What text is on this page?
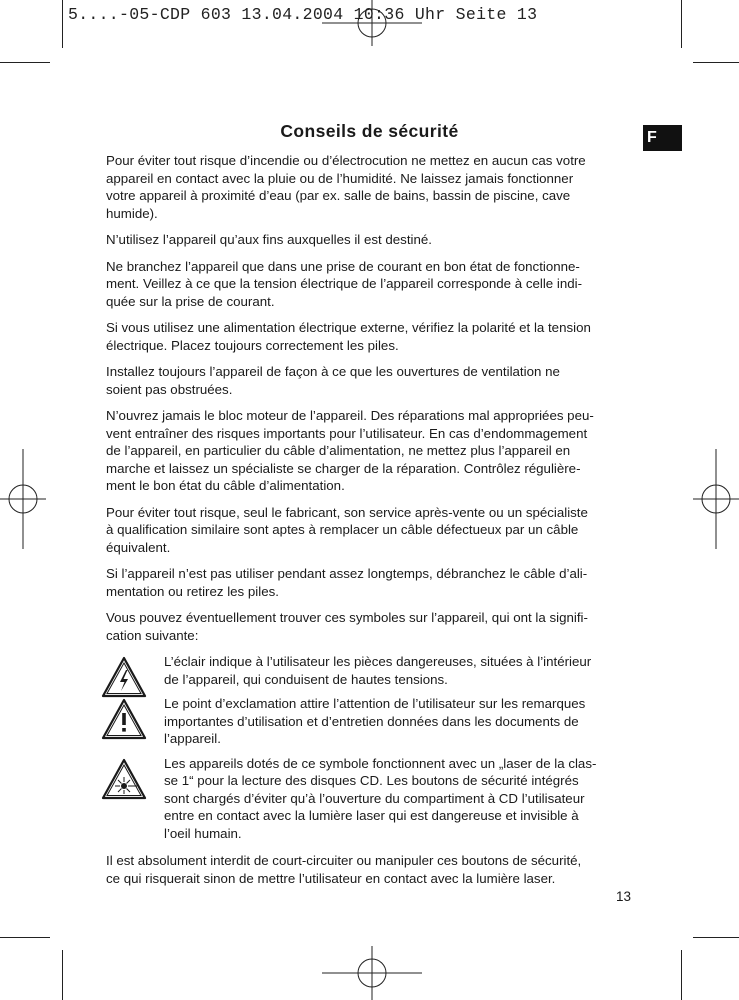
5....-05-CDP 603 13.04.2004 10:36 Uhr Seite 13
F
Conseils de sécurité

Pour éviter tout risque d’incendie ou d’électrocution ne mettez en aucun cas votre
appareil en contact avec la pluie ou de l’humidité. Ne laissez jamais fonctionner
votre appareil à proximité d’eau (par ex. salle de bains, bassin de piscine, cave
humide).

N’utilisez l’appareil qu’aux fins auxquelles il est destiné.

Ne branchez l’appareil que dans une prise de courant en bon état de fonctionne-
ment. Veillez à ce que la tension électrique de l’appareil corresponde à celle indi-
quée sur la prise de courant.

Si vous utilisez une alimentation électrique externe, vérifiez la polarité et la tension
électrique. Placez toujours correctement les piles.

Installez toujours l’appareil de façon à ce que les ouvertures de ventilation ne
soient pas obstruées.

N’ouvrez jamais le bloc moteur de l’appareil. Des réparations mal appropriées peu-
vent entraîner des risques importants pour l’utilisateur. En cas d’endommagement
de l’appareil, en particulier du câble d’alimentation, ne mettez plus l’appareil en
marche et laissez un spécialiste se charger de la réparation. Contrôlez régulière-
ment le bon état du câble d’alimentation.

Pour éviter tout risque, seul le fabricant, son service après-vente ou un spécialiste
à qualification similaire sont aptes à remplacer un câble défectueux par un câble
équivalent.

Si l’appareil n’est pas utiliser pendant assez longtemps, débranchez le câble d’ali-
mentation ou retirez les piles.

Vous pouvez éventuellement trouver ces symboles sur l’appareil, qui ont la signifi-
cation suivante:

L’éclair indique à l’utilisateur les pièces dangereuses, situées à l’intérieur
de l’appareil, qui conduisent de hautes tensions.
Le point d’exclamation attire l’attention de l’utilisateur sur les remarques
importantes d’utilisation et d’entretien données dans les documents de
l’appareil.
Les appareils dotés de ce symbole fonctionnent avec un „laser de la clas-
se 1“ pour la lecture des disques CD. Les boutons de sécurité intégrés
sont chargés d’éviter qu’à l’ouverture du compartiment à CD l’utilisateur
entre en contact avec la lumière laser qui est dangereuse et invisible à
l’oeil humain.

Il est absolument interdit de court-circuiter ou manipuler ces boutons de sécurité,
ce qui risquerait sinon de mettre l’utilisateur en contact avec la lumière laser.

13
